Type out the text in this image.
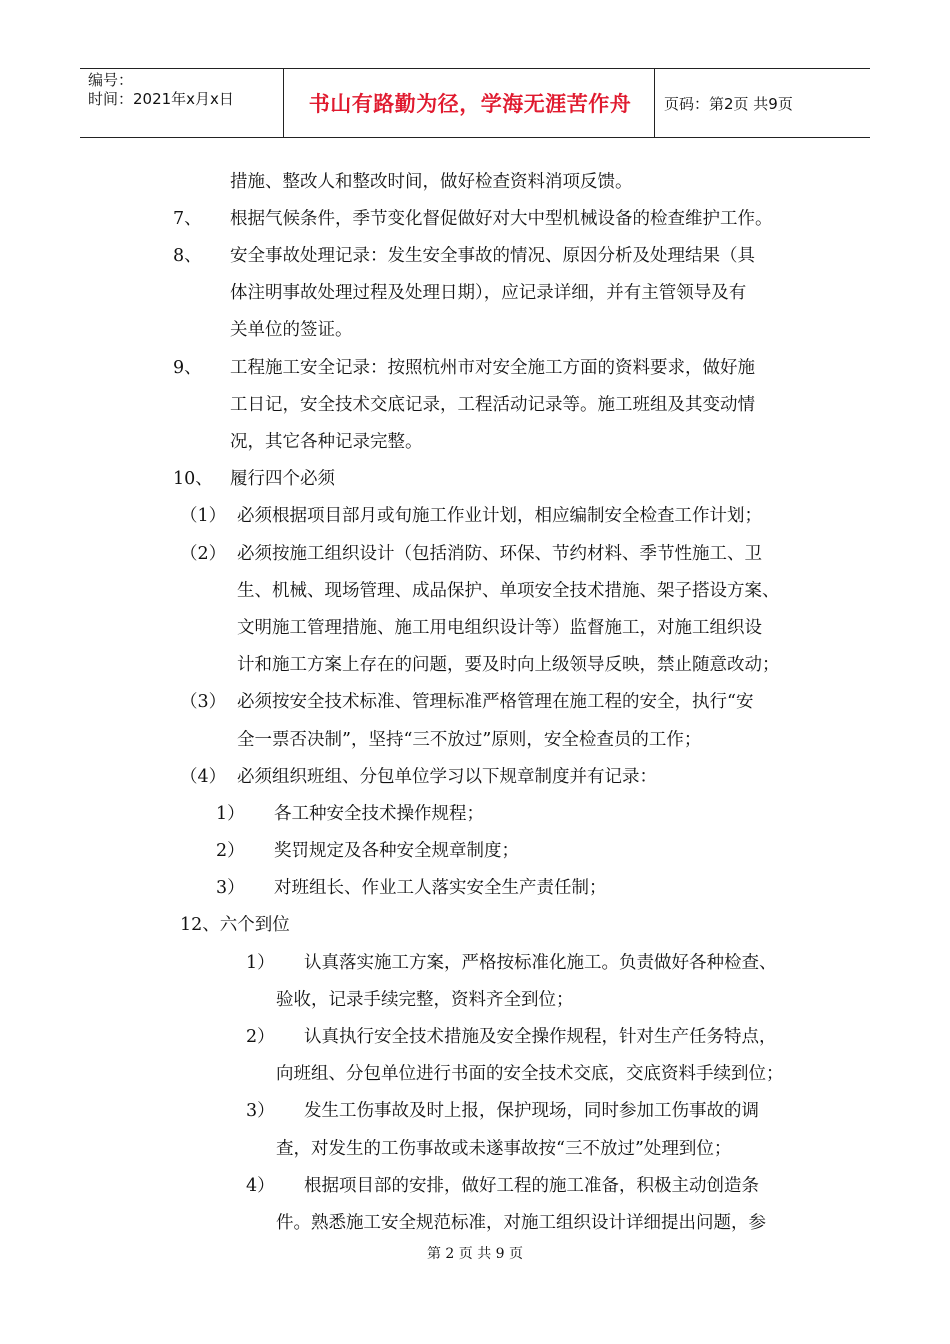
编号：
时间：2021年x月x日	书山有路勤为径，学海无涯苦作舟	页码：第2页 共9页
措施、整改人和整改时间，做好检查资料消项反馈。
7、 根据气候条件，季节变化督促做好对大中型机械设备的检查维护工作。
8、 安全事故处理记录：发生安全事故的情况、原因分析及处理结果（具
体注明事故处理过程及处理日期），应记录详细，并有主管领导及有
关单位的签证。
9、 工程施工安全记录：按照杭州市对安全施工方面的资料要求，做好施
工日记，安全技术交底记录，工程活动记录等。施工班组及其变动情
况，其它各种记录完整。
10、 履行四个必须
（1） 必须根据项目部月或旬施工作业计划，相应编制安全检查工作计划；
（2） 必须按施工组织设计（包括消防、环保、节约材料、季节性施工、卫
生、机械、现场管理、成品保护、单项安全技术措施、架子搭设方案、
文明施工管理措施、施工用电组织设计等）监督施工，对施工组织设
计和施工方案上存在的问题，要及时向上级领导反映，禁止随意改动；
（3） 必须按安全技术标准、管理标准严格管理在施工程的安全，执行“安
全一票否决制”，坚持“三不放过”原则，安全检查员的工作；
（4） 必须组织班组、分包单位学习以下规章制度并有记录：
1） 各工种安全技术操作规程；
2） 奖罚规定及各种安全规章制度；
3） 对班组长、作业工人落实安全生产责任制；
12、六个到位
1） 认真落实施工方案，严格按标准化施工。负责做好各种检查、
验收，记录手续完整，资料齐全到位；
2） 认真执行安全技术措施及安全操作规程，针对生产任务特点，
向班组、分包单位进行书面的安全技术交底，交底资料手续到位；
3） 发生工伤事故及时上报，保护现场，同时参加工伤事故的调
查，对发生的工伤事故或未遂事故按“三不放过”处理到位；
4） 根据项目部的安排，做好工程的施工准备，积极主动创造条
件。熟悉施工安全规范标准，对施工组织设计详细提出问题，参
第 2 页 共 9 页
